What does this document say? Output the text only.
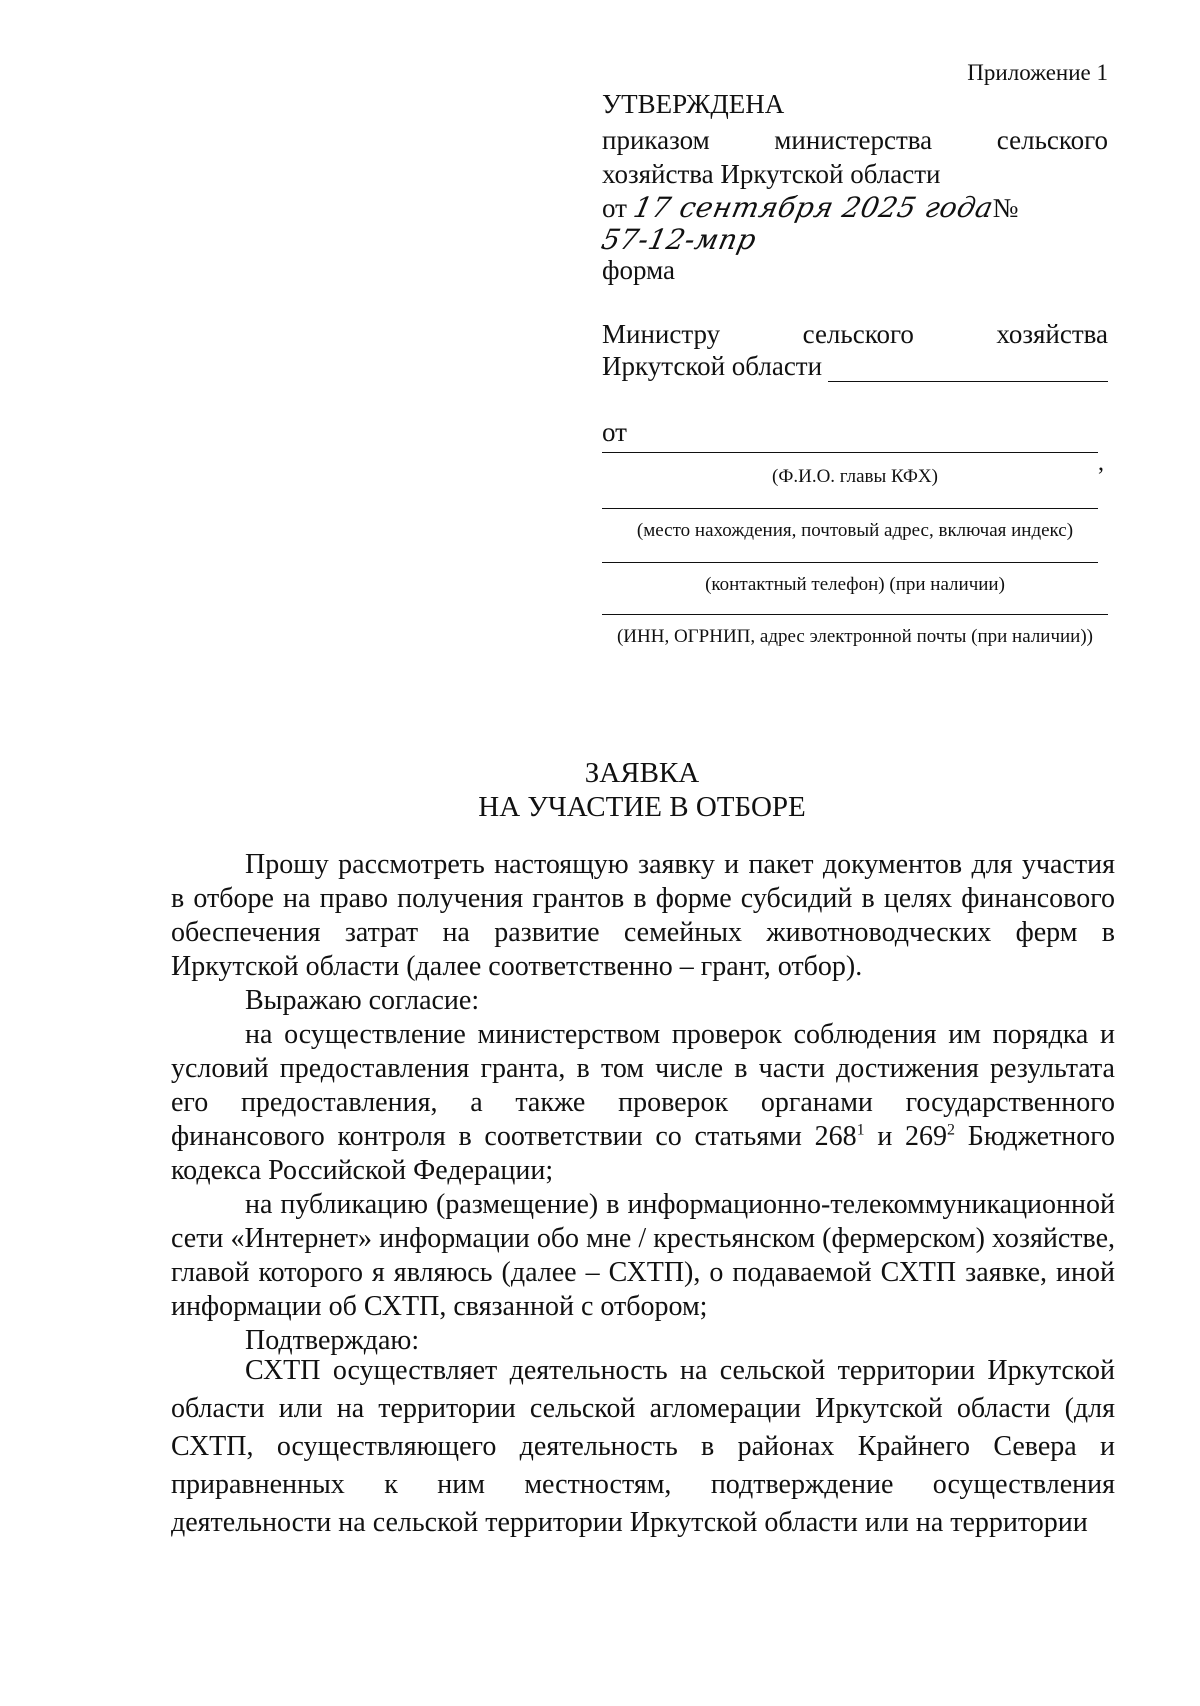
Приложение 1
УТВЕРЖДЕНА
приказом министерства сельского
хозяйства Иркутской области
от 17 сентября 2025 года№57-12-мпр
форма
Министру	сельского	хозяйства
Иркутской области
от
,
(Ф.И.О. главы КФХ)
(место нахождения, почтовый адрес, включая индекс)
(контактный телефон) (при наличии)
(ИНН, ОГРНИП, адрес электронной почты (при наличии))
ЗАЯВКА
НА УЧАСТИЕ В ОТБОРЕ

Прошу рассмотреть настоящую заявку и пакет документов для участия в отборе на право получения грантов в форме субсидий в целях финансового обеспечения затрат на развитие семейных животноводческих ферм в Иркутской области (далее соответственно – грант, отбор).

Выражаю согласие:

на осуществление министерством проверок соблюдения им порядка и условий предоставления гранта, в том числе в части достижения результата его предоставления, а также проверок органами государственного финансового контроля в соответствии со статьями $268^1$ и $269^2$ Бюджетного кодекса Российской Федерации;

на публикацию (размещение) в информационно-телекоммуникационной сети «Интернет» информации обо мне / крестьянском (фермерском) хозяйстве, главой которого я являюсь (далее – СХТП), о подаваемой СХТП заявке, иной информации об СХТП, связанной с отбором;

Подтверждаю:

СХТП осуществляет деятельность на сельской территории Иркутской области или на территории сельской агломерации Иркутской области (для СХТП, осуществляющего деятельность в районах Крайнего Севера и приравненных к ним местностям, подтверждение осуществления деятельности на сельской территории Иркутской области или на территории
